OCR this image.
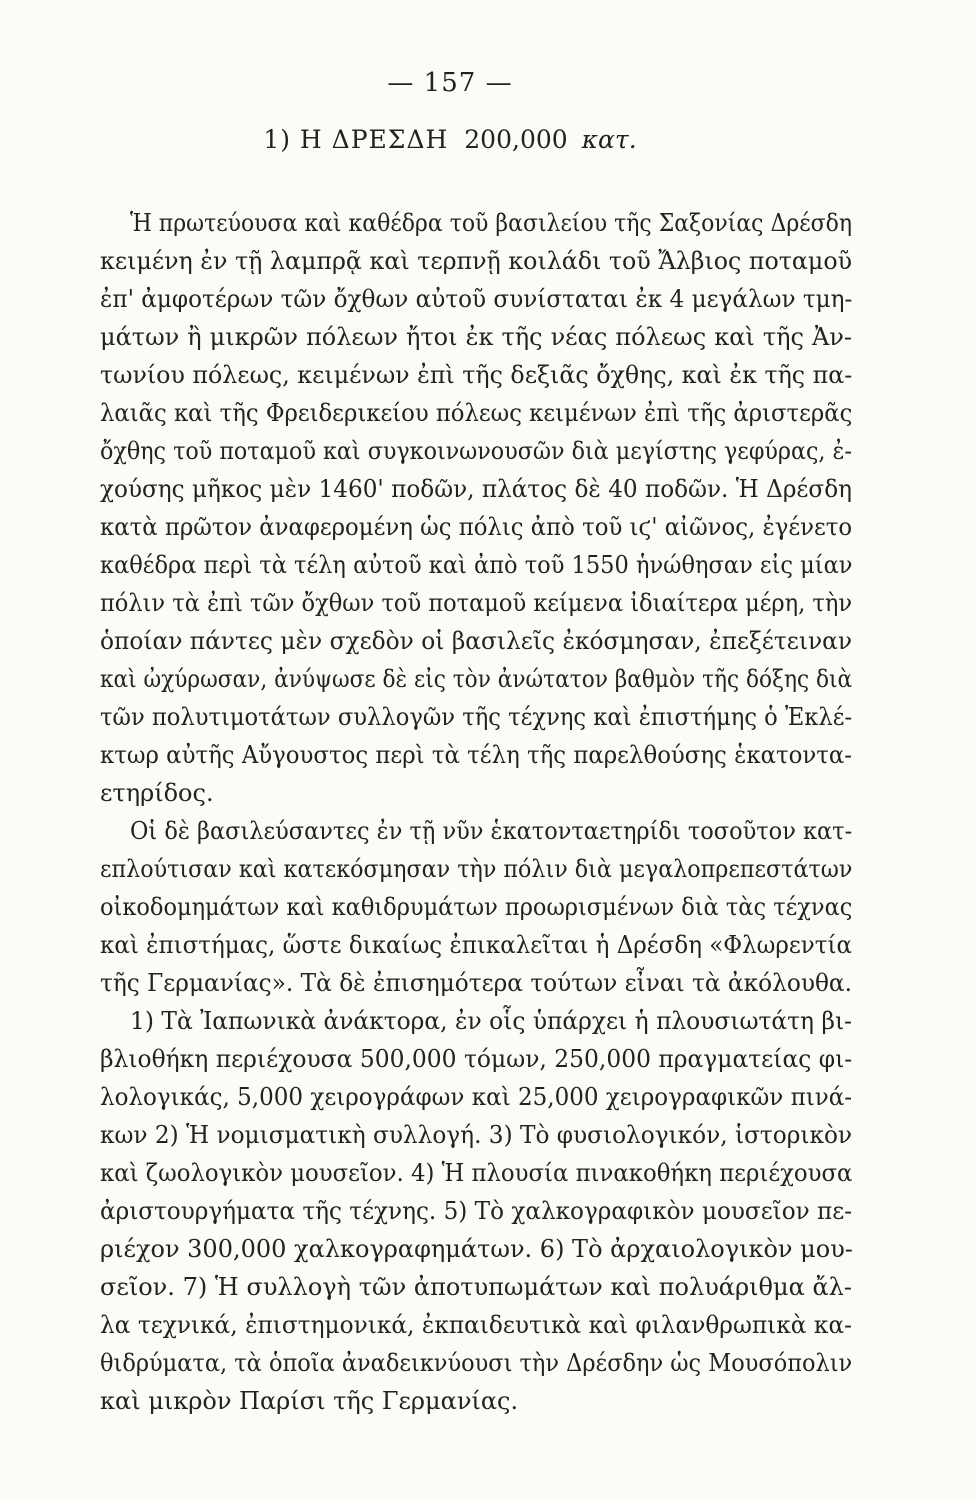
— 157 —
1) Η ΔΡΕΣΔΗ 200,000 κατ.
Ἡ πρωτεύουσα καὶ καθέδρα τοῦ βασιλείου τῆς Σαξονίας Δρέσδη
κειμένη ἐν τῇ λαμπρᾷ καὶ τερπνῇ κοιλάδι τοῦ Ἄλβιος ποταμοῦ
ἐπ' ἀμφοτέρων τῶν ὄχθων αὐτοῦ συνίσταται ἐκ 4 μεγάλων τμη-
μάτων ἢ μικρῶν πόλεων ἤτοι ἐκ τῆς νέας πόλεως καὶ τῆς Ἀν-
τωνίου πόλεως, κειμένων ἐπὶ τῆς δεξιᾶς ὄχθης, καὶ ἐκ τῆς πα-
λαιᾶς καὶ τῆς Φρειδερικείου πόλεως κειμένων ἐπὶ τῆς ἀριστερᾶς
ὄχθης τοῦ ποταμοῦ καὶ συγκοινωνουσῶν διὰ μεγίστης γεφύρας, ἐ-
χούσης μῆκος μὲν 1460' ποδῶν, πλάτος δὲ 40 ποδῶν. Ἡ Δρέσδη
κατὰ πρῶτον ἀναφερομένη ὡς πόλις ἀπὸ τοῦ ιϛ' αἰῶνος, ἐγένετο
καθέδρα περὶ τὰ τέλη αὐτοῦ καὶ ἀπὸ τοῦ 1550 ἡνώθησαν εἰς μίαν
πόλιν τὰ ἐπὶ τῶν ὄχθων τοῦ ποταμοῦ κείμενα ἰδιαίτερα μέρη, τὴν
ὁποίαν πάντες μὲν σχεδὸν οἱ βασιλεῖς ἐκόσμησαν, ἐπεξέτειναν
καὶ ὠχύρωσαν, ἀνύψωσε δὲ εἰς τὸν ἀνώτατον βαθμὸν τῆς δόξης διὰ
τῶν πολυτιμοτάτων συλλογῶν τῆς τέχνης καὶ ἐπιστήμης ὁ Ἐκλέ-
κτωρ αὐτῆς Αὔγουστος περὶ τὰ τέλη τῆς παρελθούσης ἑκατοντα-
ετηρίδος.
Οἱ δὲ βασιλεύσαντες ἐν τῇ νῦν ἑκατονταετηρίδι τοσοῦτον κατ-
επλούτισαν καὶ κατεκόσμησαν τὴν πόλιν διὰ μεγαλοπρεπεστάτων
οἰκοδομημάτων καὶ καθιδρυμάτων προωρισμένων διὰ τὰς τέχνας
καὶ ἐπιστήμας, ὥστε δικαίως ἐπικαλεῖται ἡ Δρέσδη «Φλωρεντία
τῆς Γερμανίας». Τὰ δὲ ἐπισημότερα τούτων εἶναι τὰ ἀκόλουθα.
1) Τὰ Ἰαπωνικὰ ἀνάκτορα, ἐν οἷς ὑπάρχει ἡ πλουσιωτάτη βι-
βλιοθήκη περιέχουσα 500,000 τόμων, 250,000 πραγματείας φι-
λολογικάς, 5,000 χειρογράφων καὶ 25,000 χειρογραφικῶν πινά-
κων 2) Ἡ νομισματικὴ συλλογή. 3) Τὸ φυσιολογικόν, ἱστορικὸν
καὶ ζωολογικὸν μουσεῖον. 4) Ἡ πλουσία πινακοθήκη περιέχουσα
ἀριστουργήματα τῆς τέχνης. 5) Τὸ χαλκογραφικὸν μουσεῖον πε-
ριέχον 300,000 χαλκογραφημάτων. 6) Τὸ ἀρχαιολογικὸν μου-
σεῖον. 7) Ἡ συλλογὴ τῶν ἀποτυπωμάτων καὶ πολυάριθμα ἄλ-
λα τεχνικά, ἐπιστημονικά, ἐκπαιδευτικὰ καὶ φιλανθρωπικὰ κα-
θιδρύματα, τὰ ὁποῖα ἀναδεικνύουσι τὴν Δρέσδην ὡς Μουσόπολιν
καὶ μικρὸν Παρίσι τῆς Γερμανίας.
